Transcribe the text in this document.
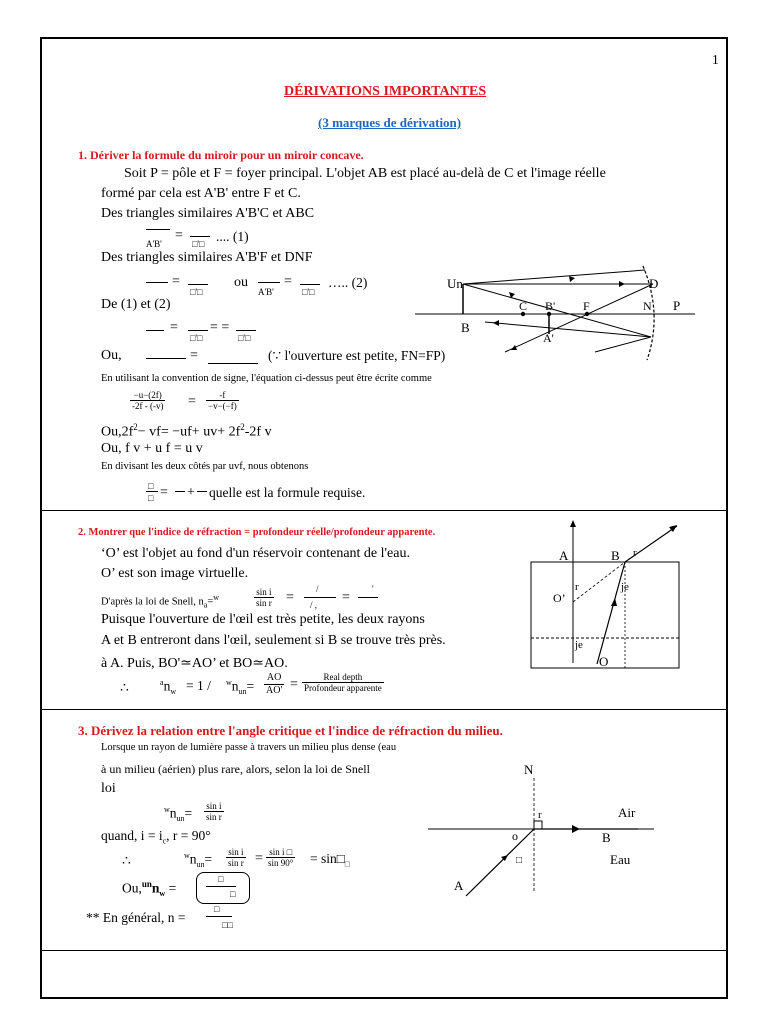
1
DÉRIVATIONS IMPORTANTES
(3 marques de dérivation)
1. Dériver la formule du miroir pour un miroir concave.
Soit P = pôle et F = foyer principal. L'objet AB est placé au-delà de C et l'image réelle
formé par cela est A'B' entre F et C.
Des triangles similaires A'B'C et ABC
A'B'
=
□'□ .... (1)
Des triangles similaires A'B'F et DNF
=
□'□
ou
A'B'
=
□'□
….. (2)
De (1) et (2)
=
□'□
= =
□'□
Ou,	=	(∵ l'ouverture est petite, FN=FP)
En utilisant la convention de signe, l'équation ci-dessus peut être écrite comme
$\frac{-u-(2f)}{-2f - (-v)} = \frac{-f}{-v-(-f)}$
$Ou,2f^2- vf= -uf+ uv+ 2f^2-2f$ v
Ou, f v + u f = u v
En divisant les deux côtés par uvf, nous obtenons
□
□ = + quelle est la formule requise.
Un	D
C B' F	N P
B
A'
2. Montrer que l'indice de réfraction = profondeur réelle/profondeur apparente.
‘O’ est l'objet au fond d'un réservoir contenant de l'eau.
O’ est son image virtuelle.
D'après la loi de Snell, $n_a=^w$	$\frac{\text{sin i}}{\text{sin r}}$ =
/
/ , =
'
Puisque l'ouverture de l'œil est très petite, les deux rayons
A et B entreront dans l'œil, seulement si B se trouve très près.
à A. Puis, BO'≃AO’ et BO≃AO.
∴	$^an_w = 1 / ^wn_{un}= \frac{AO}{AO'}$ =	Real depth
Profondeur apparente
A	B r
r	je
O’
je
O
3. Dérivez la relation entre l'angle critique et l'indice de réfraction du milieu.
Lorsque un rayon de lumière passe à travers un milieu plus dense (eau
à un milieu (aérien) plus rare, alors, selon la loi de Snell
loi
$^wn_{un}= \frac{\text{sin i}}{\text{sin r}}$
quand, $i = i_c$, r = 90°
∴	$^wn_{un}= \frac{\text{sin i}}{\text{sin r}} = \frac{\text{sin i □}}{\sin 90^\circ}$ = $\sin□_□$
$Ou,^{un}n_w$ =
□
□
** En général, n =
□
□□
N
r	Air
o	B
□	Eau
A
